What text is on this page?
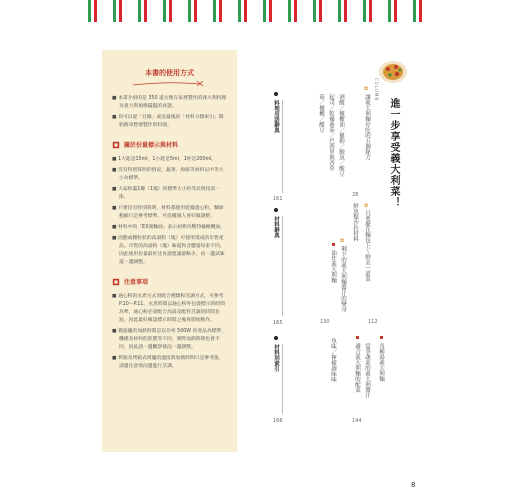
本書的使用方式
■ 本書介紹的是 350 道方便在家裡製作的義大利料理及義大利風格擺盤的食譜。
■ 你可以從「目錄」或是最後的「材料分類索引」開始搜尋想要製作的料理。
關於份量標示與材料
■ 1大匙是15ml，1小匙是5ml，1杯是200ml。
■ 沒有特別寫明的情況，蔬菜、海鮮等材料以中等大小為標準。
■ 大蒜和薑1瓣（1塊）的標準大小約等於拇指第一節。
■ 只要沒有特別寫明，材料都使用乾燥過心粉，麵條粗細只是參考標準，可依據個人喜好做調整。
■ 材料中的「EX義麵油」表示初榨冷壓特級橄欖油。
■ 固態或顆粒狀的高湯粉（塊）可使用現成的市售產品。市售的高湯粉（塊）味道和含鹽量每家不同，因此使用份量最好比食譜建議量略少，再一邊試味道一邊調整。
注意事項
■ 通心粉的水煮方式須配合種類和烹調方式，可參考P.10～P.11。水煮時間以通心粉外包裝標示的時間為準，通心粉必須配合高湯及配料烹調的時間長短，因此最好確認標示時間之後再開始動作。
■ 微波爐的加熱時間是以功率 500W 的產品為標準，機種及材料的狀態等不同，實際加熱時間也會不同，因此請一邊觀察情況一邊調整。
■ 烤箱及烤箱式烤爐的溫度與加熱時間只是參考值，請邊注意情況邊進行烹調。
料理用語辭典
161
材料辭典
165
材料別索引
168
菇／橄欖／醋豆 起司／乾燥番茄／巴西里與香草 酒醋／橄欖油／羅勒／鯷魚／酸豆
油炸義大利麵
✿
剩下的義大利麵醬汁的變身
130
魚味／檸檬調味味
28
鮮魚類沙拉材料
適合義大利麵的配菜 當季蔬菜的義大利醬汁
144
✿
讓義大利麵好吃的五個秘方
✿
只要擺在麵包上～鮮美一道菜
112
各種湯義大利麵
COLUMN
進一步享受義大利菜！
8
